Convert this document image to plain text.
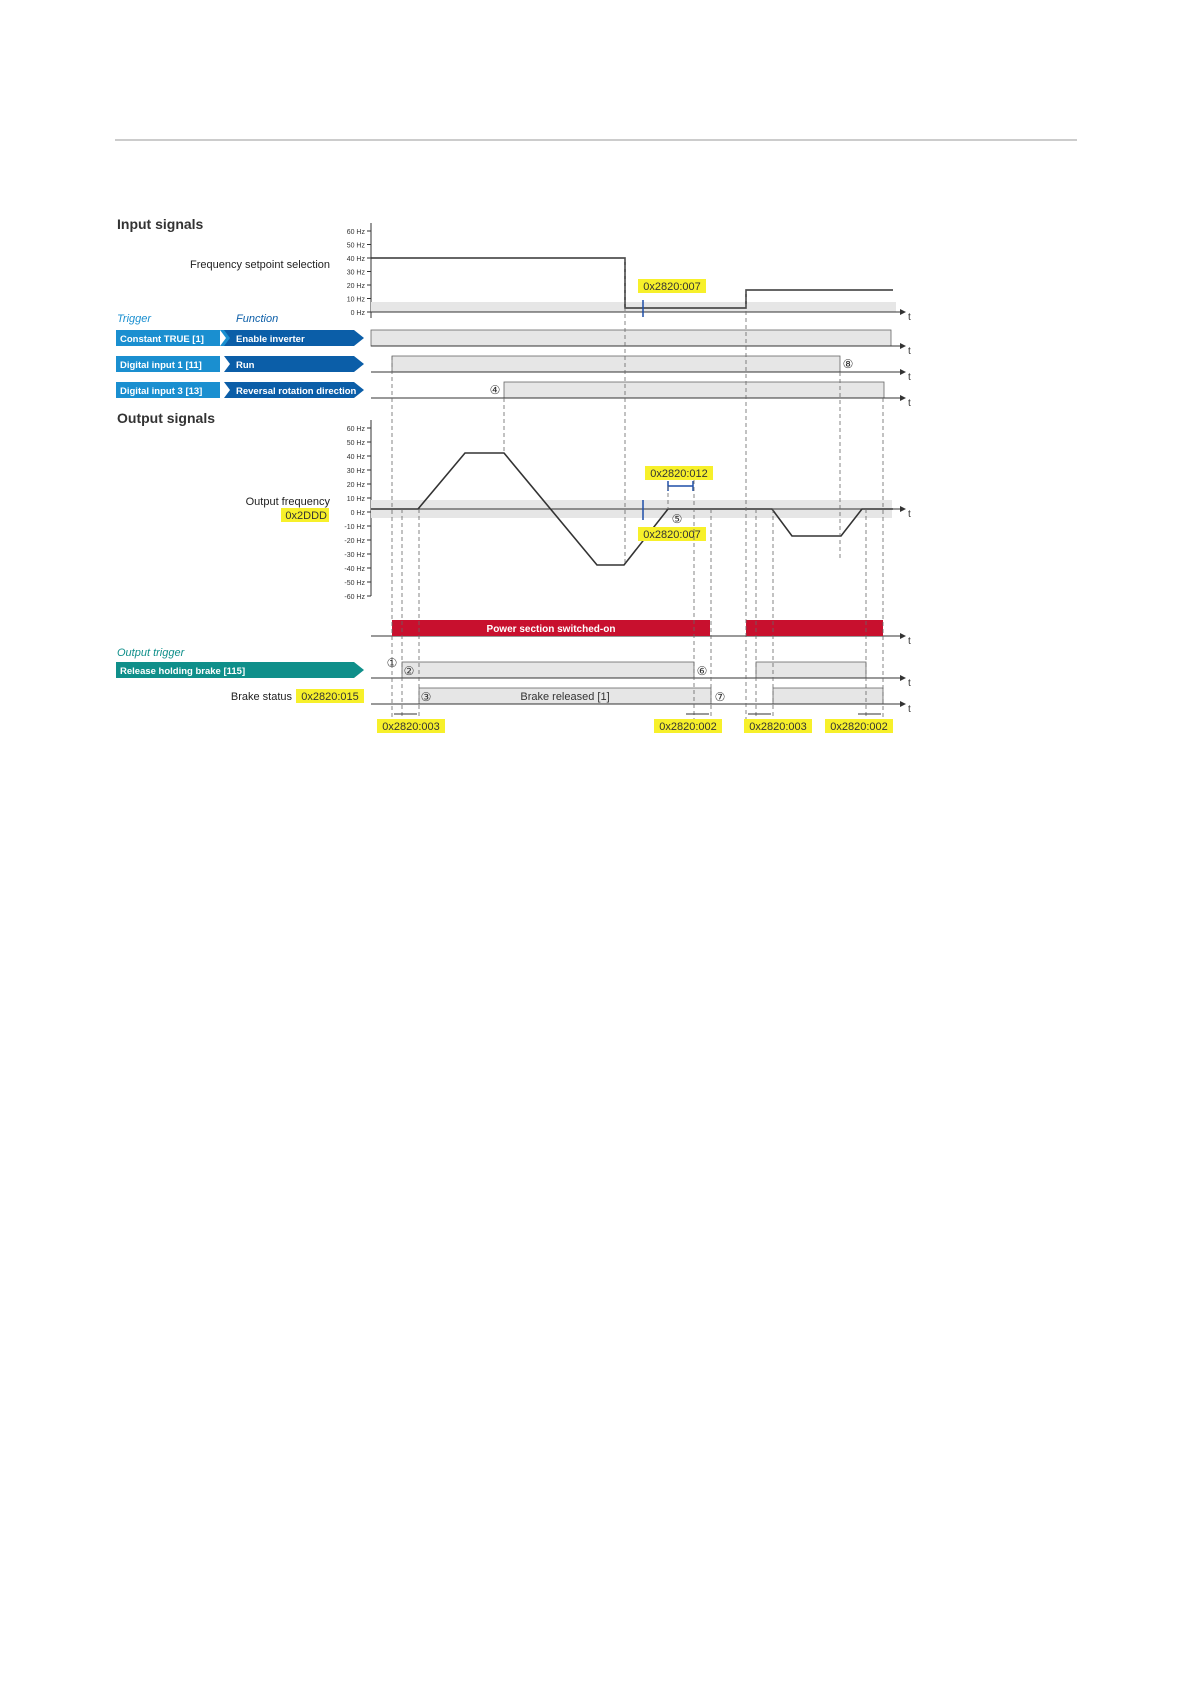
Input signals
Frequency setpoint selection
60 Hz
50 Hz
40 Hz
30 Hz
20 Hz
10 Hz
0 Hz	t
0x2820:007
Trigger	Function
Constant TRUE [1]	Enable inverter
t
Digital input 1 [11]	Run
t
Digital input 3 [13]	Reversal rotation direction
t
Output signals
60 Hz
50 Hz
40 Hz
30 Hz
20 Hz
10 Hz
0 Hz
-10 Hz
-20 Hz
-30 Hz
-40 Hz
-50 Hz
-60 Hz
Output frequency
0x2DDD	t
0x2820:012
0x2820:007
t
Power section switched-on
Output trigger
Release holding brake [115]
t
Brake status 0x2820:015	Brake released [1]
t
①
②
③
④
⑤
⑥
⑦
⑧
0x2820:003	0x2820:002	0x2820:003 0x2820:002
